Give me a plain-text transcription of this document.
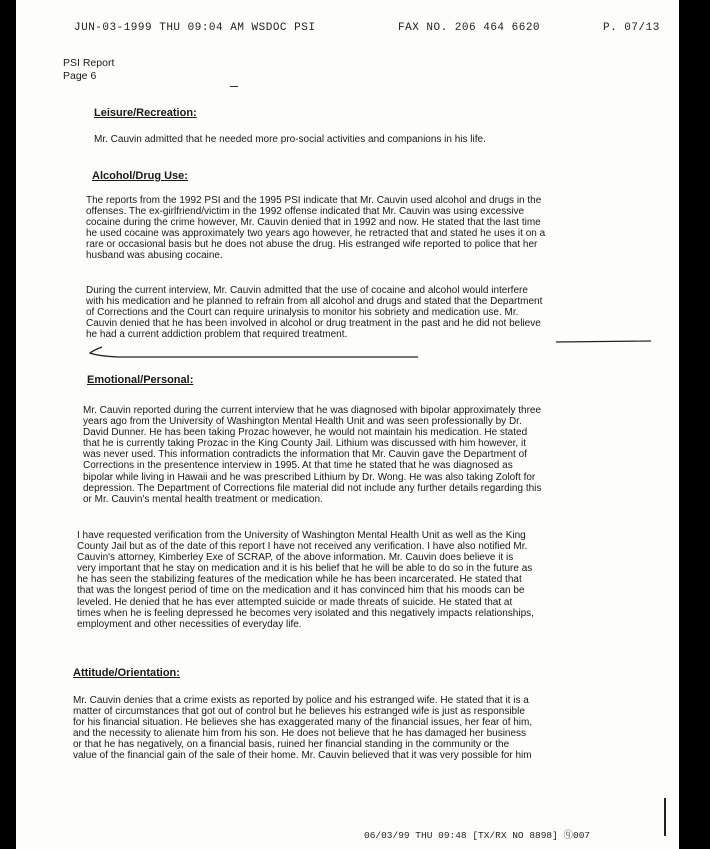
JUN-03-1999 THU 09:04 AM WSDOC PSI	FAX NO. 206 464 6620	P. 07/13
PSI Report
Page 6
Leisure/Recreation:
Mr. Cauvin admitted that he needed more pro-social activities and companions in his life.
Alcohol/Drug Use:
The reports from the 1992 PSI and the 1995 PSI indicate that Mr. Cauvin used alcohol and drugs in the
offenses. The ex-girlfriend/victim in the 1992 offense indicated that Mr. Cauvin was using excessive
cocaine during the crime however, Mr. Cauvin denied that in 1992 and now. He stated that the last time
he used cocaine was approximately two years ago however, he retracted that and stated he uses it on a
rare or occasional basis but he does not abuse the drug. His estranged wife reported to police that her
husband was abusing cocaine.
During the current interview, Mr. Cauvin admitted that the use of cocaine and alcohol would interfere
with his medication and he planned to refrain from all alcohol and drugs and stated that the Department
of Corrections and the Court can require urinalysis to monitor his sobriety and medication use. Mr.
Cauvin denied that he has been involved in alcohol or drug treatment in the past and he did not believe
he had a current addiction problem that required treatment.
Emotional/Personal:
Mr. Cauvin reported during the current interview that he was diagnosed with bipolar approximately three
years ago from the University of Washington Mental Health Unit and was seen professionally by Dr.
David Dunner. He has been taking Prozac however, he would not maintain his medication. He stated
that he is currently taking Prozac in the King County Jail. Lithium was discussed with him however, it
was never used. This information contradicts the information that Mr. Cauvin gave the Department of
Corrections in the presentence interview in 1995. At that time he stated that he was diagnosed as
bipolar while living in Hawaii and he was prescribed Lithium by Dr. Wong. He was also taking Zoloft for
depression. The Department of Corrections file material did not include any further details regarding this
or Mr. Cauvin's mental health treatment or medication.
I have requested verification from the University of Washington Mental Health Unit as well as the King
County Jail but as of the date of this report I have not received any verification. I have also notified Mr.
Cauvin's attorney, Kimberley Exe of SCRAP, of the above information. Mr. Cauvin does believe it is
very important that he stay on medication and it is his belief that he will be able to do so in the future as
he has seen the stabilizing features of the medication while he has been incarcerated. He stated that
that was the longest period of time on the medication and it has convinced him that his moods can be
leveled. He denied that he has ever attempted suicide or made threats of suicide. He stated that at
times when he is feeling depressed he becomes very isolated and this negatively impacts relationships,
employment and other necessities of everyday life.
Attitude/Orientation:
Mr. Cauvin denies that a crime exists as reported by police and his estranged wife. He stated that it is a
matter of circumstances that got out of control but he believes his estranged wife is just as responsible
for his financial situation. He believes she has exaggerated many of the financial issues, her fear of him,
and the necessity to alienate him from his son. He does not believe that he has damaged her business
or that he has negatively, on a financial basis, ruined her financial standing in the community or the
value of the financial gain of the sale of their home. Mr. Cauvin believed that it was very possible for him
06/03/99 THU 09:48 [TX/RX NO 8898] ⓠ007
